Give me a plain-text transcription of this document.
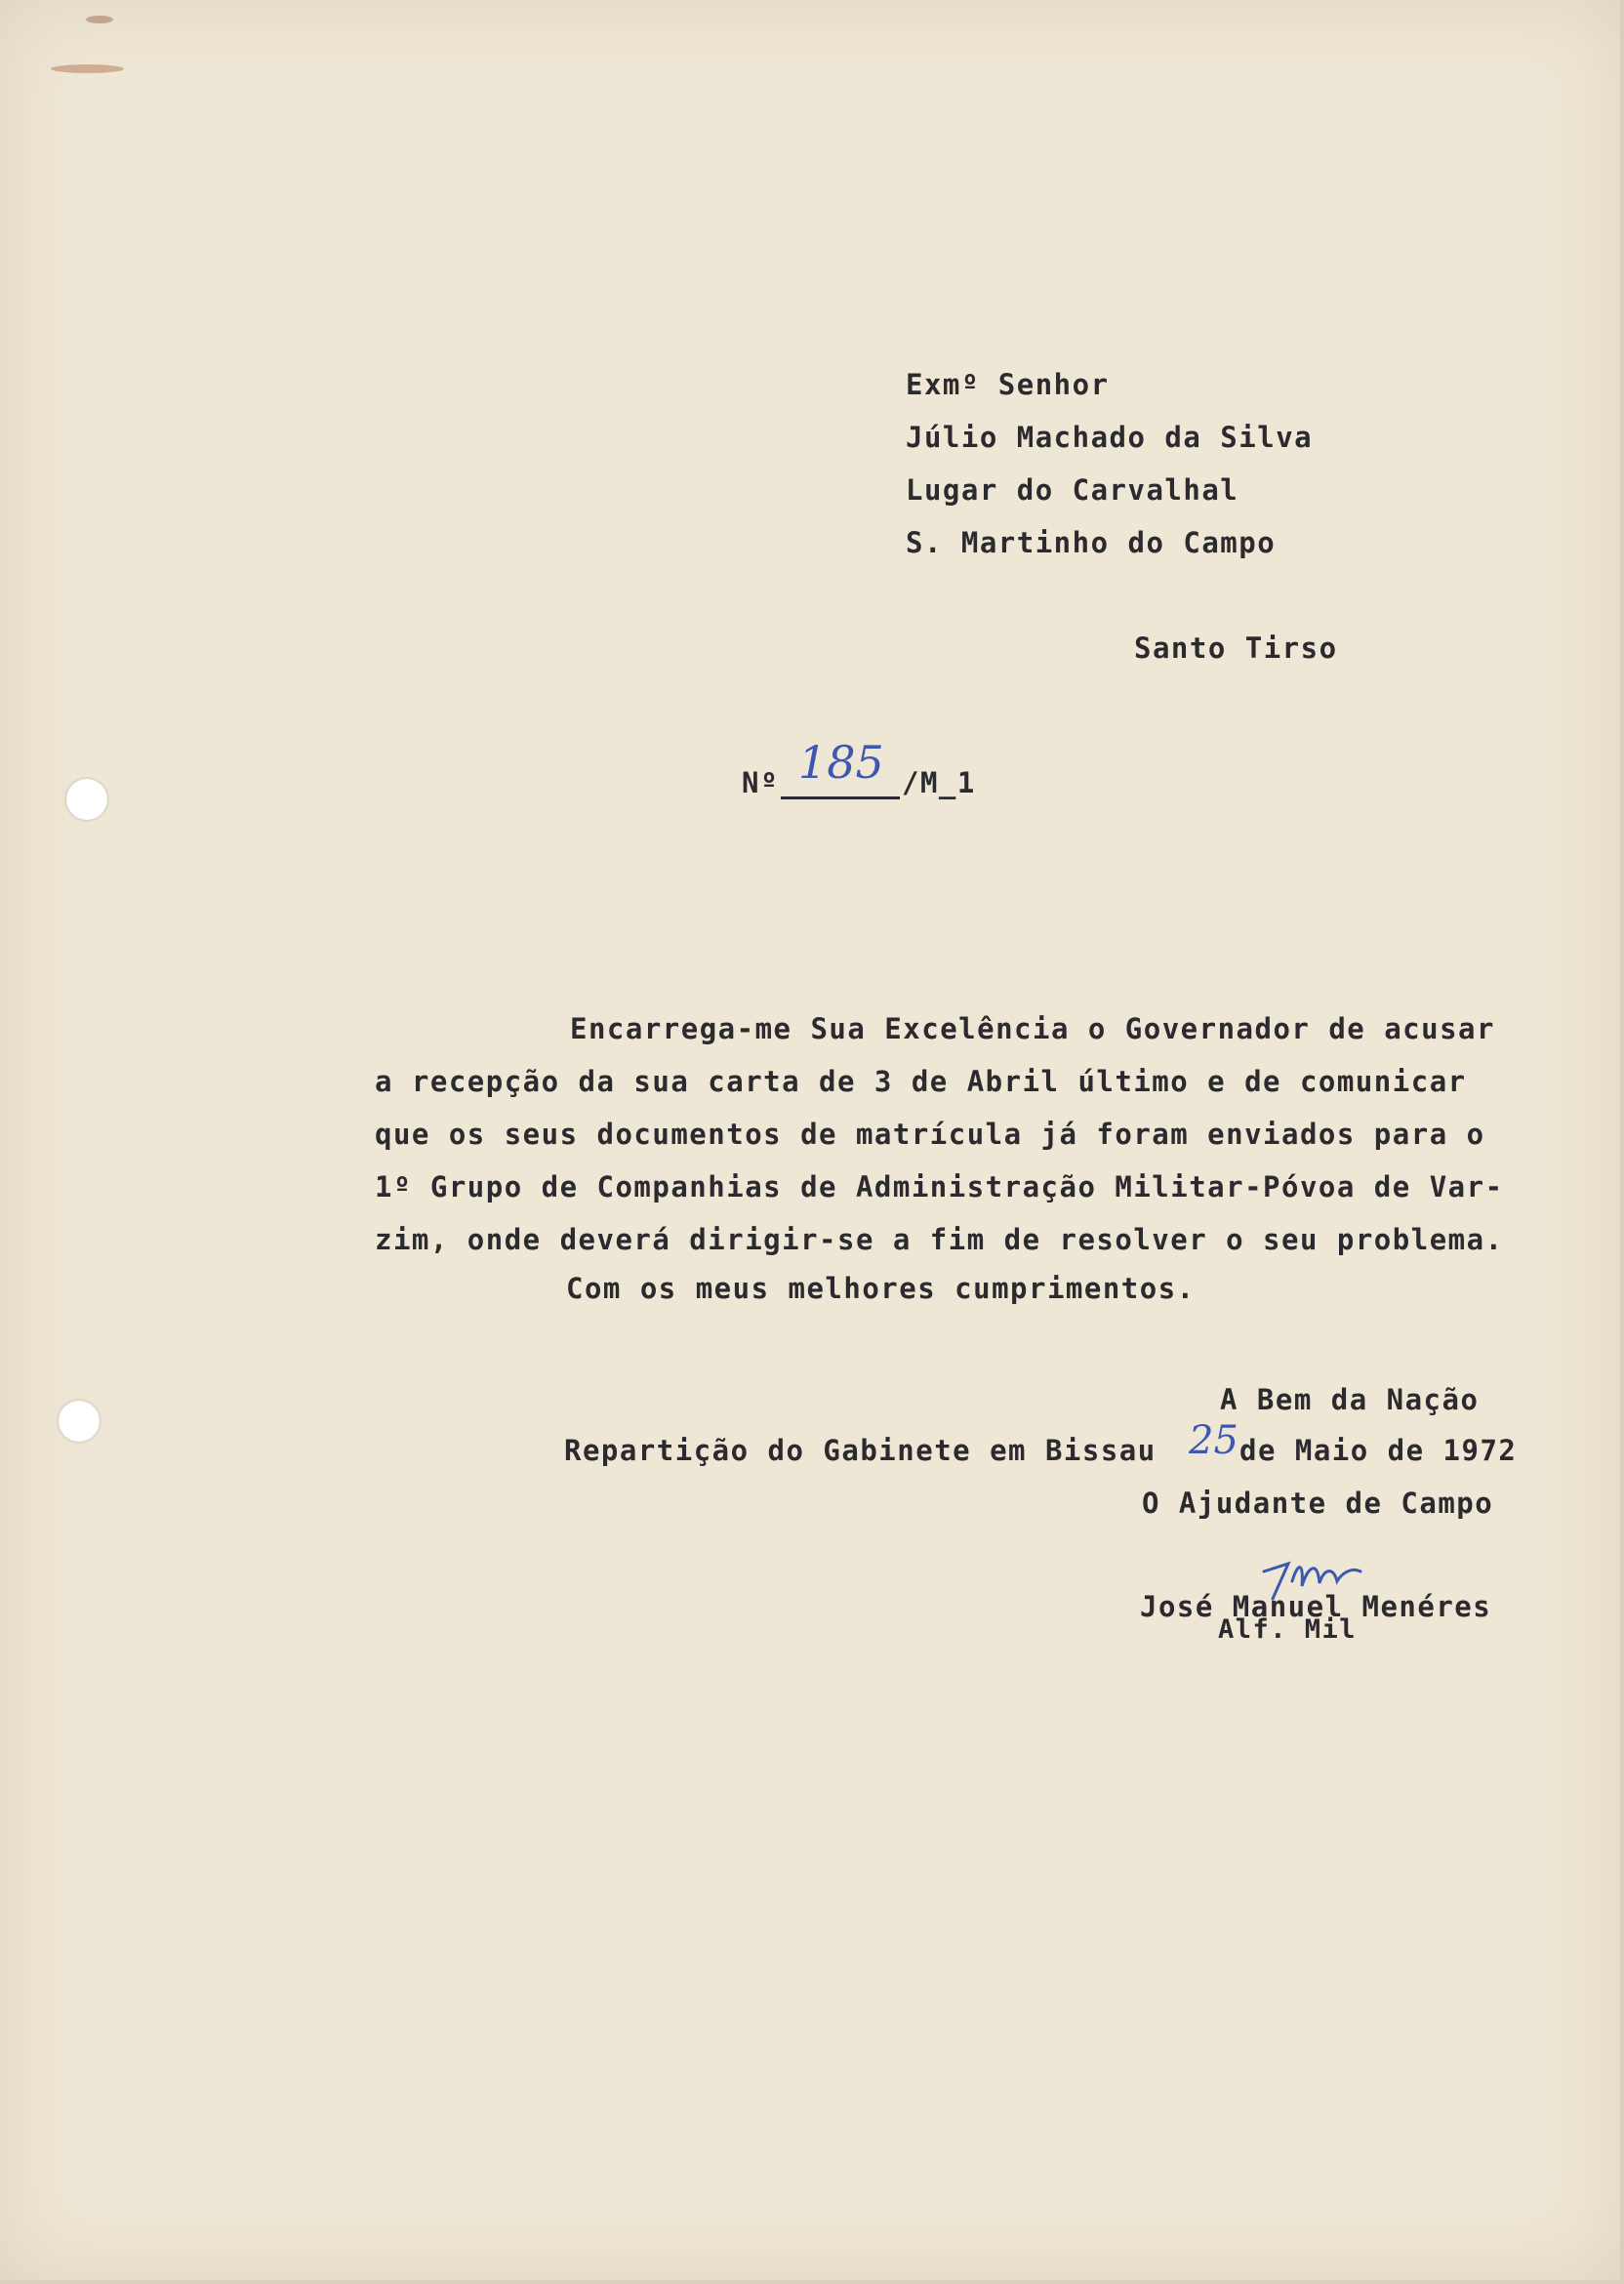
Exmº Senhor
Júlio Machado da Silva
Lugar do Carvalhal
S. Martinho do Campo
Santo Tirso
Nº 185 /M_1
Encarrega-me Sua Excelência o Governador de acusar
a recepção da sua carta de 3 de Abril último e de comunicar
que os seus documentos de matrícula já foram enviados para o
1º Grupo de Companhias de Administração Militar-Póvoa de Var-
zim, onde deverá dirigir-se a fim de resolver o seu problema.
Com os meus melhores cumprimentos.
A Bem da Nação
Repartição do Gabinete em Bissau 25 de Maio de 1972
O Ajudante de Campo
José Manuel Menéres
Alf. Mil
